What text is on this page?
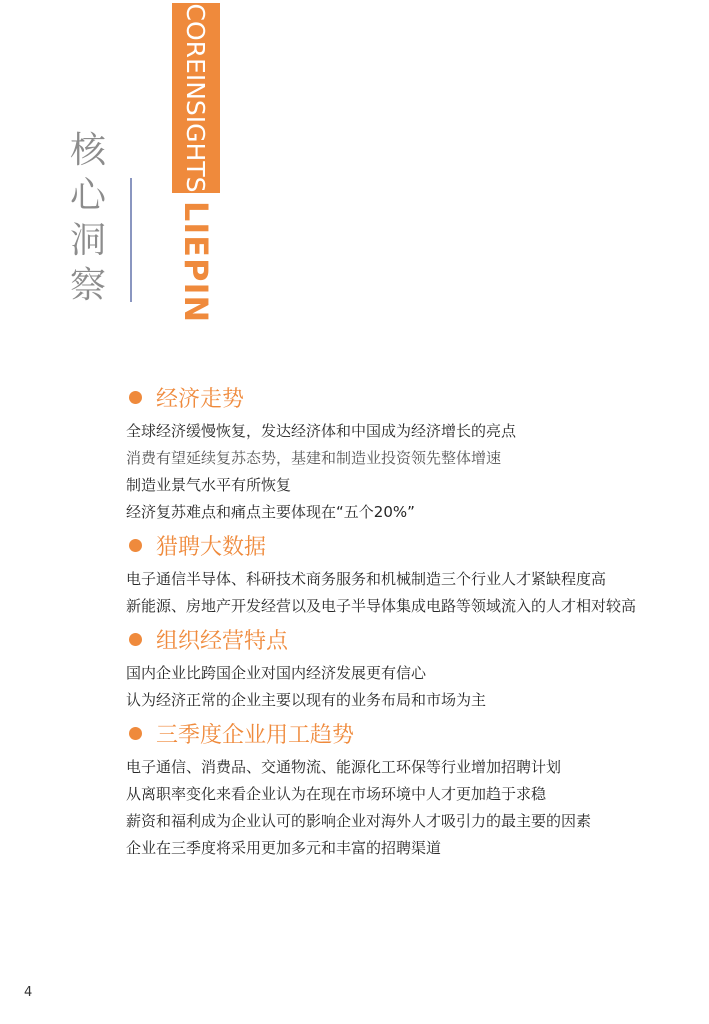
核
心
洞
察
COREINSIGHTS
LIEPIN
经济走势
全球经济缓慢恢复，发达经济体和中国成为经济增长的亮点
消费有望延续复苏态势，基建和制造业投资领先整体增速
制造业景气水平有所恢复
经济复苏难点和痛点主要体现在“五个20%”
猎聘大数据
电子通信半导体、科研技术商务服务和机械制造三个行业人才紧缺程度高
新能源、房地产开发经营以及电子半导体集成电路等领域流入的人才相对较高
组织经营特点
国内企业比跨国企业对国内经济发展更有信心
认为经济正常的企业主要以现有的业务布局和市场为主
三季度企业用工趋势
电子通信、消费品、交通物流、能源化工环保等行业增加招聘计划
从离职率变化来看企业认为在现在市场环境中人才更加趋于求稳
薪资和福利成为企业认可的影响企业对海外人才吸引力的最主要的因素
企业在三季度将采用更加多元和丰富的招聘渠道
4
